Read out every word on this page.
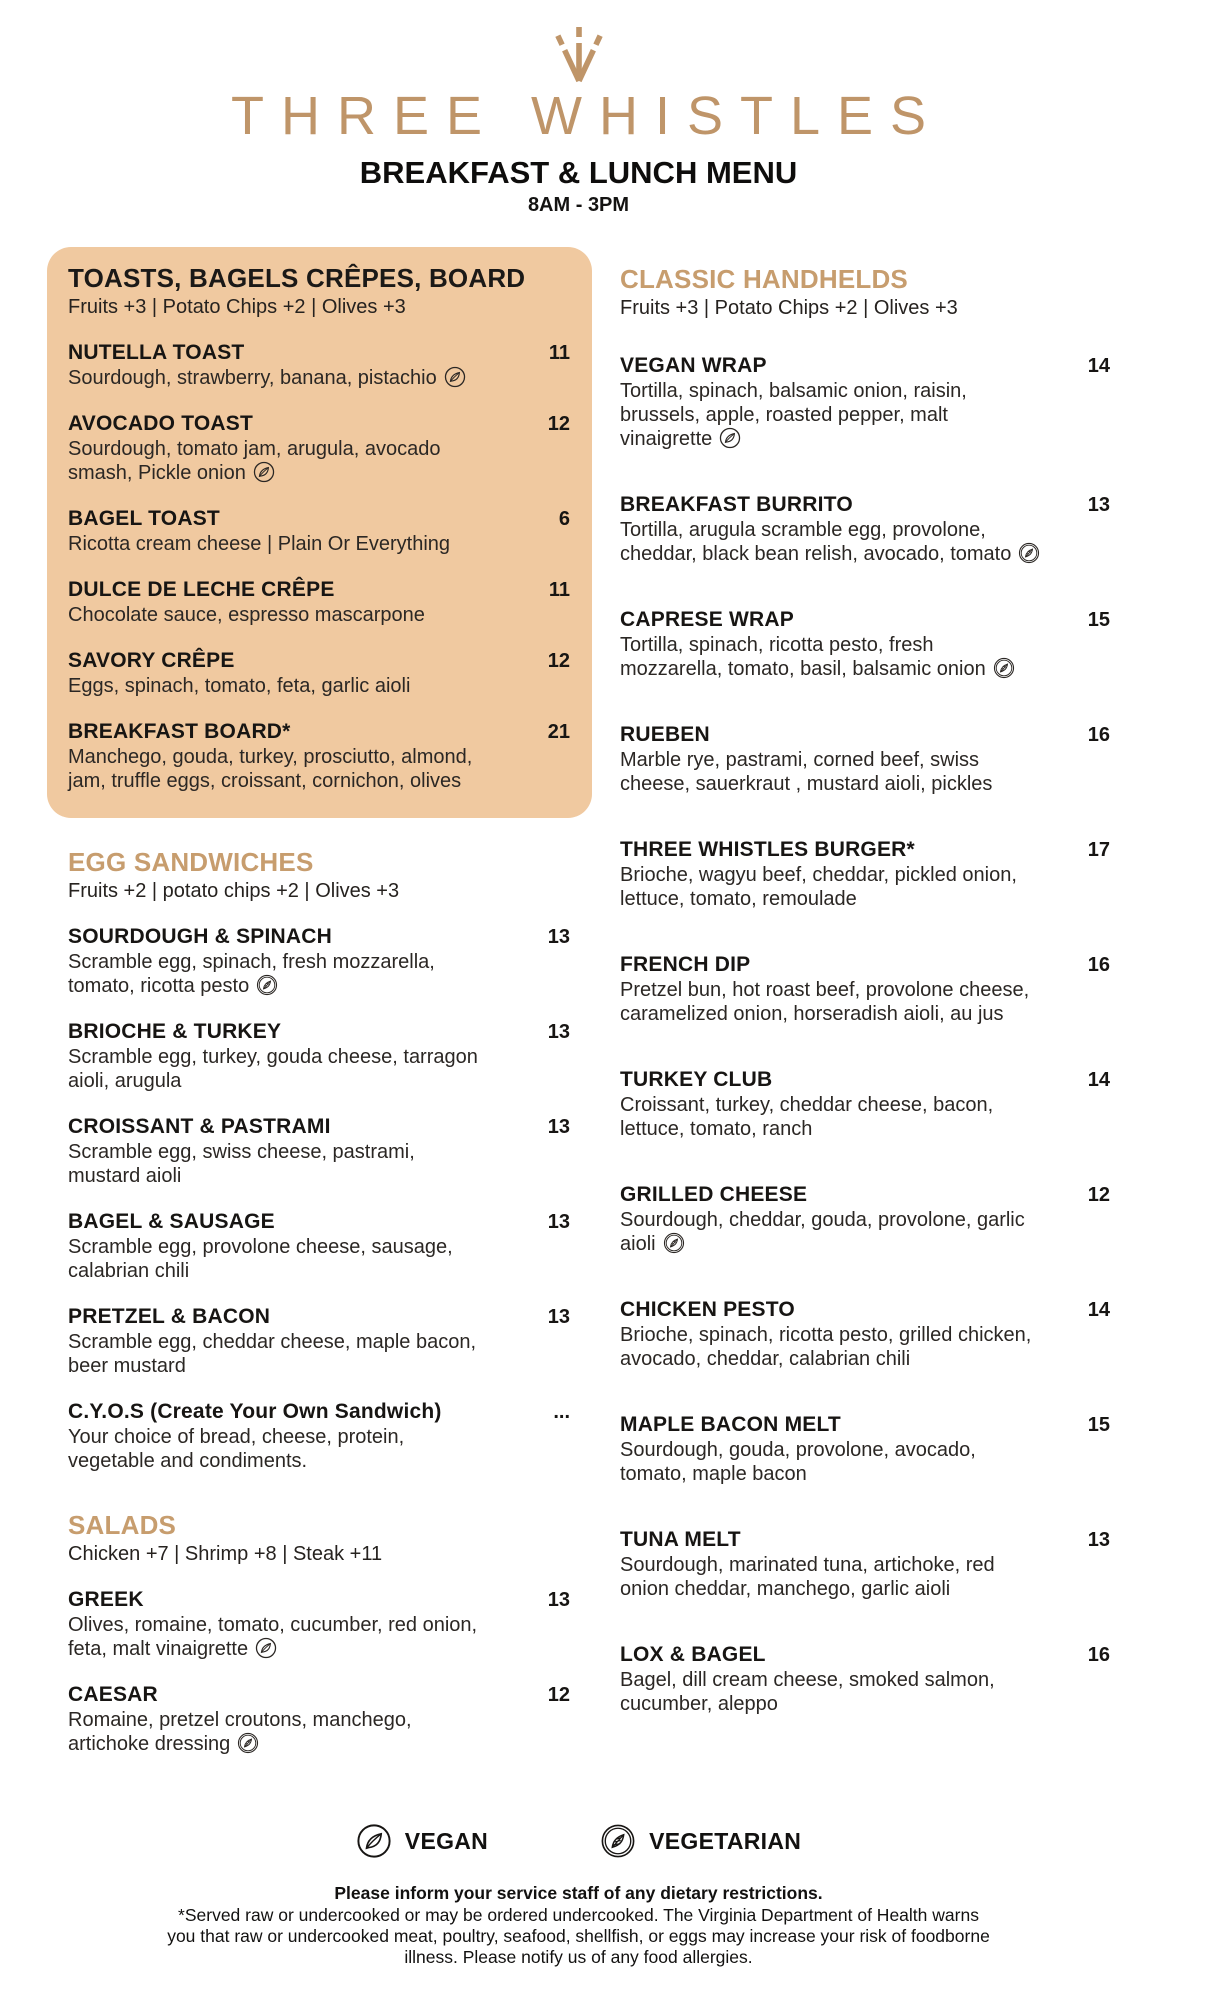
THREE WHISTLES
BREAKFAST & LUNCH MENU
8AM - 3PM
TOASTS, BAGELS CRÊPES, BOARD
Fruits +3 | Potato Chips +2 | Olives +3
NUTELLA TOAST	11
Sourdough, strawberry, banana, pistachio
AVOCADO TOAST	12
Sourdough, tomato jam, arugula, avocado
smash, Pickle onion
BAGEL TOAST	6
Ricotta cream cheese | Plain Or Everything
DULCE DE LECHE CRÊPE	11
Chocolate sauce, espresso mascarpone
SAVORY CRÊPE	12
Eggs, spinach, tomato, feta, garlic aioli
BREAKFAST BOARD*	21
Manchego, gouda, turkey, prosciutto, almond,
jam, truffle eggs, croissant, cornichon, olives
EGG SANDWICHES
Fruits +2 | potato chips +2 | Olives +3
SOURDOUGH & SPINACH	13
Scramble egg, spinach, fresh mozzarella,
tomato, ricotta pesto
BRIOCHE & TURKEY	13
Scramble egg, turkey, gouda cheese, tarragon
aioli, arugula
CROISSANT & PASTRAMI	13
Scramble egg, swiss cheese, pastrami,
mustard aioli
BAGEL & SAUSAGE	13
Scramble egg, provolone cheese, sausage,
calabrian chili
PRETZEL & BACON	13
Scramble egg, cheddar cheese, maple bacon,
beer mustard
C.Y.O.S (Create Your Own Sandwich)	...
Your choice of bread, cheese, protein,
vegetable and condiments.
SALADS
Chicken +7 | Shrimp +8 | Steak +11
GREEK	13
Olives, romaine, tomato, cucumber, red onion,
feta, malt vinaigrette
CAESAR	12
Romaine, pretzel croutons, manchego,
artichoke dressing
CLASSIC HANDHELDS
Fruits +3 | Potato Chips +2 | Olives +3
VEGAN WRAP	14
Tortilla, spinach, balsamic onion, raisin,
brussels, apple, roasted pepper, malt
vinaigrette
BREAKFAST BURRITO	13
Tortilla, arugula scramble egg, provolone,
cheddar, black bean relish, avocado, tomato
CAPRESE WRAP	15
Tortilla, spinach, ricotta pesto, fresh
mozzarella, tomato, basil, balsamic onion
RUEBEN	16
Marble rye, pastrami, corned beef, swiss
cheese, sauerkraut , mustard aioli, pickles
THREE WHISTLES BURGER*	17
Brioche, wagyu beef, cheddar, pickled onion,
lettuce, tomato, remoulade
FRENCH DIP	16
Pretzel bun, hot roast beef, provolone cheese,
caramelized onion, horseradish aioli, au jus
TURKEY CLUB	14
Croissant, turkey, cheddar cheese, bacon,
lettuce, tomato, ranch
GRILLED CHEESE	12
Sourdough, cheddar, gouda, provolone, garlic
aioli
CHICKEN PESTO	14
Brioche, spinach, ricotta pesto, grilled chicken,
avocado, cheddar, calabrian chili
MAPLE BACON MELT	15
Sourdough, gouda, provolone, avocado,
tomato, maple bacon
TUNA MELT	13
Sourdough, marinated tuna, artichoke, red
onion cheddar, manchego, garlic aioli
LOX & BAGEL	16
Bagel, dill cream cheese, smoked salmon,
cucumber, aleppo
VEGAN	VEGETARIAN
Please inform your service staff of any dietary restrictions.
*Served raw or undercooked or may be ordered undercooked. The Virginia Department of Health warns
you that raw or undercooked meat, poultry, seafood, shellfish, or eggs may increase your risk of foodborne
illness. Please notify us of any food allergies.
